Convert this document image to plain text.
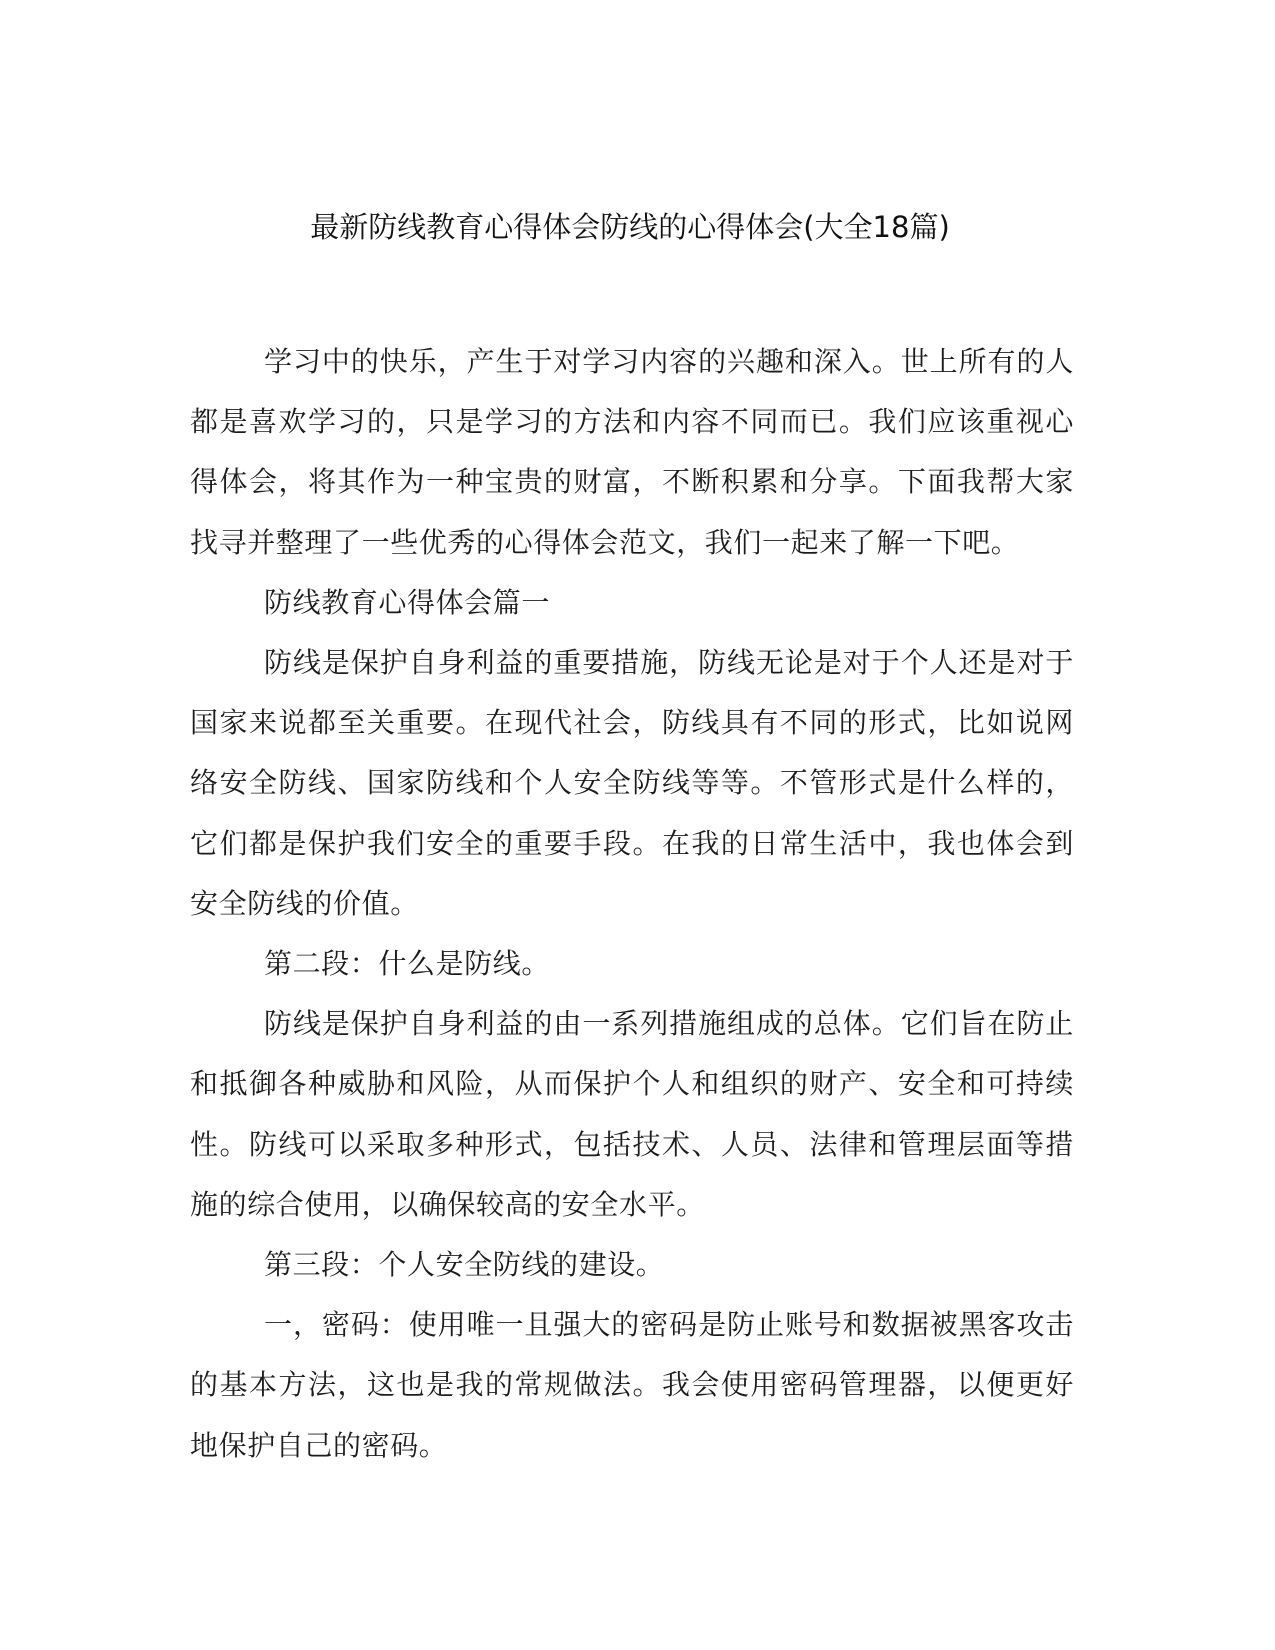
最新防线教育心得体会防线的心得体会(大全18篇)

学习中的快乐，产生于对学习内容的兴趣和深入。世上所有的人都是喜欢学习的，只是学习的方法和内容不同而已。我们应该重视心得体会，将其作为一种宝贵的财富，不断积累和分享。下面我帮大家找寻并整理了一些优秀的心得体会范文，我们一起来了解一下吧。

防线教育心得体会篇一

防线是保护自身利益的重要措施，防线无论是对于个人还是对于国家来说都至关重要。在现代社会，防线具有不同的形式，比如说网络安全防线、国家防线和个人安全防线等等。不管形式是什么样的，它们都是保护我们安全的重要手段。在我的日常生活中，我也体会到安全防线的价值。

第二段：什么是防线。

防线是保护自身利益的由一系列措施组成的总体。它们旨在防止和抵御各种威胁和风险，从而保护个人和组织的财产、安全和可持续性。防线可以采取多种形式，包括技术、人员、法律和管理层面等措施的综合使用，以确保较高的安全水平。

第三段：个人安全防线的建设。

一，密码：使用唯一且强大的密码是防止账号和数据被黑客攻击的基本方法，这也是我的常规做法。我会使用密码管理器，以便更好地保护自己的密码。
